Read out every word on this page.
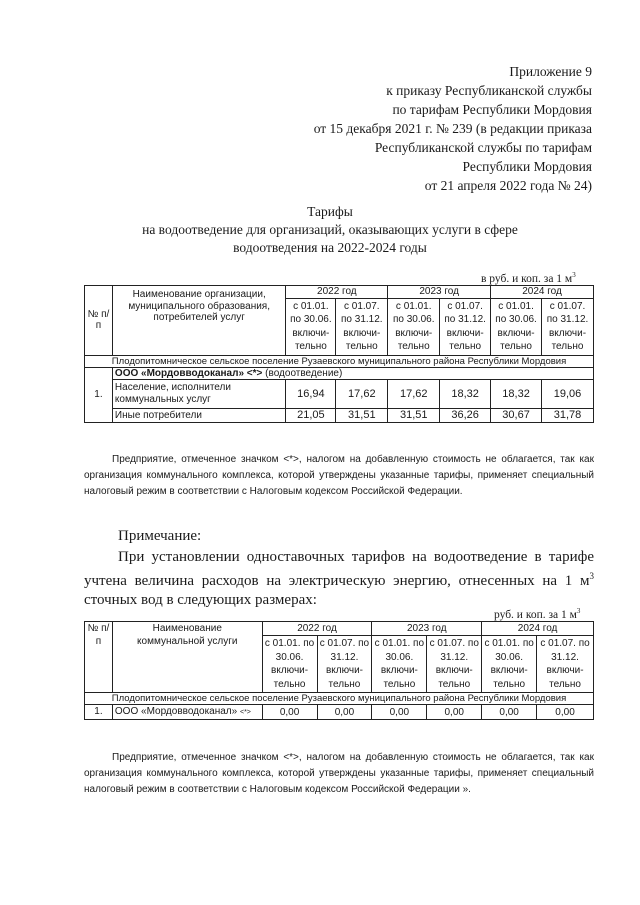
Приложение 9
к приказу Республиканской службы
по тарифам Республики Мордовия
от 15 декабря 2021 г. № 239 (в редакции приказа
Республиканской службы по тарифам
Республики Мордовия
от 21 апреля 2022 года № 24)
Тарифы
на водоотведение для организаций, оказывающих услуги в сфере
водоотведения на 2022-2024 годы
в руб. и коп. за 1 $м^3$
№ п/п	Наименование организации, муниципального образования, потребителей услуг	2022 год		2023 год		2024 год	
		с 01.01. по 30.06. включи-тельно	с 01.07. по 31.12. включи-тельно	с 01.01. по 30.06. включи-тельно	с 01.07. по 31.12. включи-тельно	с 01.01. по 30.06. включи-тельно	с 01.07. по 31.12. включи-тельно
Плодопитомническое сельское поселение Рузаевского муниципального района Республики Мордовия							
1.	ООО «Мордовводоканал» <*> (водоотведение)						
	Население, исполнители коммунальных услуг	16,94	17,62	17,62	18,32	18,32	19,06
	Иные потребители	21,05	31,51	31,51	36,26	30,67	31,78
Предприятие, отмеченное значком <*>, налогом на добавленную стоимость не облагается, так как организация коммунального комплекса, которой утверждены указанные тарифы, применяет специальный налоговый режим в соответствии с Налоговым кодексом Российской Федерации.
Примечание:
При установлении одноставочных тарифов на водоотведение в тарифе учтена величина расходов на электрическую энергию, отнесенных на 1 $м^3$ сточных вод в следующих размерах:
руб. и коп. за 1 $м^3$
№ п/п	Наименование коммунальной услуги	2022 год		2023 год		2024 год	
		с 01.01. по 30.06. включи-тельно	с 01.07. по 31.12. включи-тельно	с 01.01. по 30.06. включи-тельно	с 01.07. по 31.12. включи-тельно	с 01.01. по 30.06. включи-тельно	с 01.07. по 31.12. включи-тельно
Плодопитомническое сельское поселение Рузаевского муниципального района Республики Мордовия							
1.	ООО «Мордовводоканал» <*>	0,00	0,00	0,00	0,00	0,00	0,00
Предприятие, отмеченное значком <*>, налогом на добавленную стоимость не облагается, так как организация коммунального комплекса, которой утверждены указанные тарифы, применяет специальный налоговый режим в соответствии с Налоговым кодексом Российской Федерации ».
